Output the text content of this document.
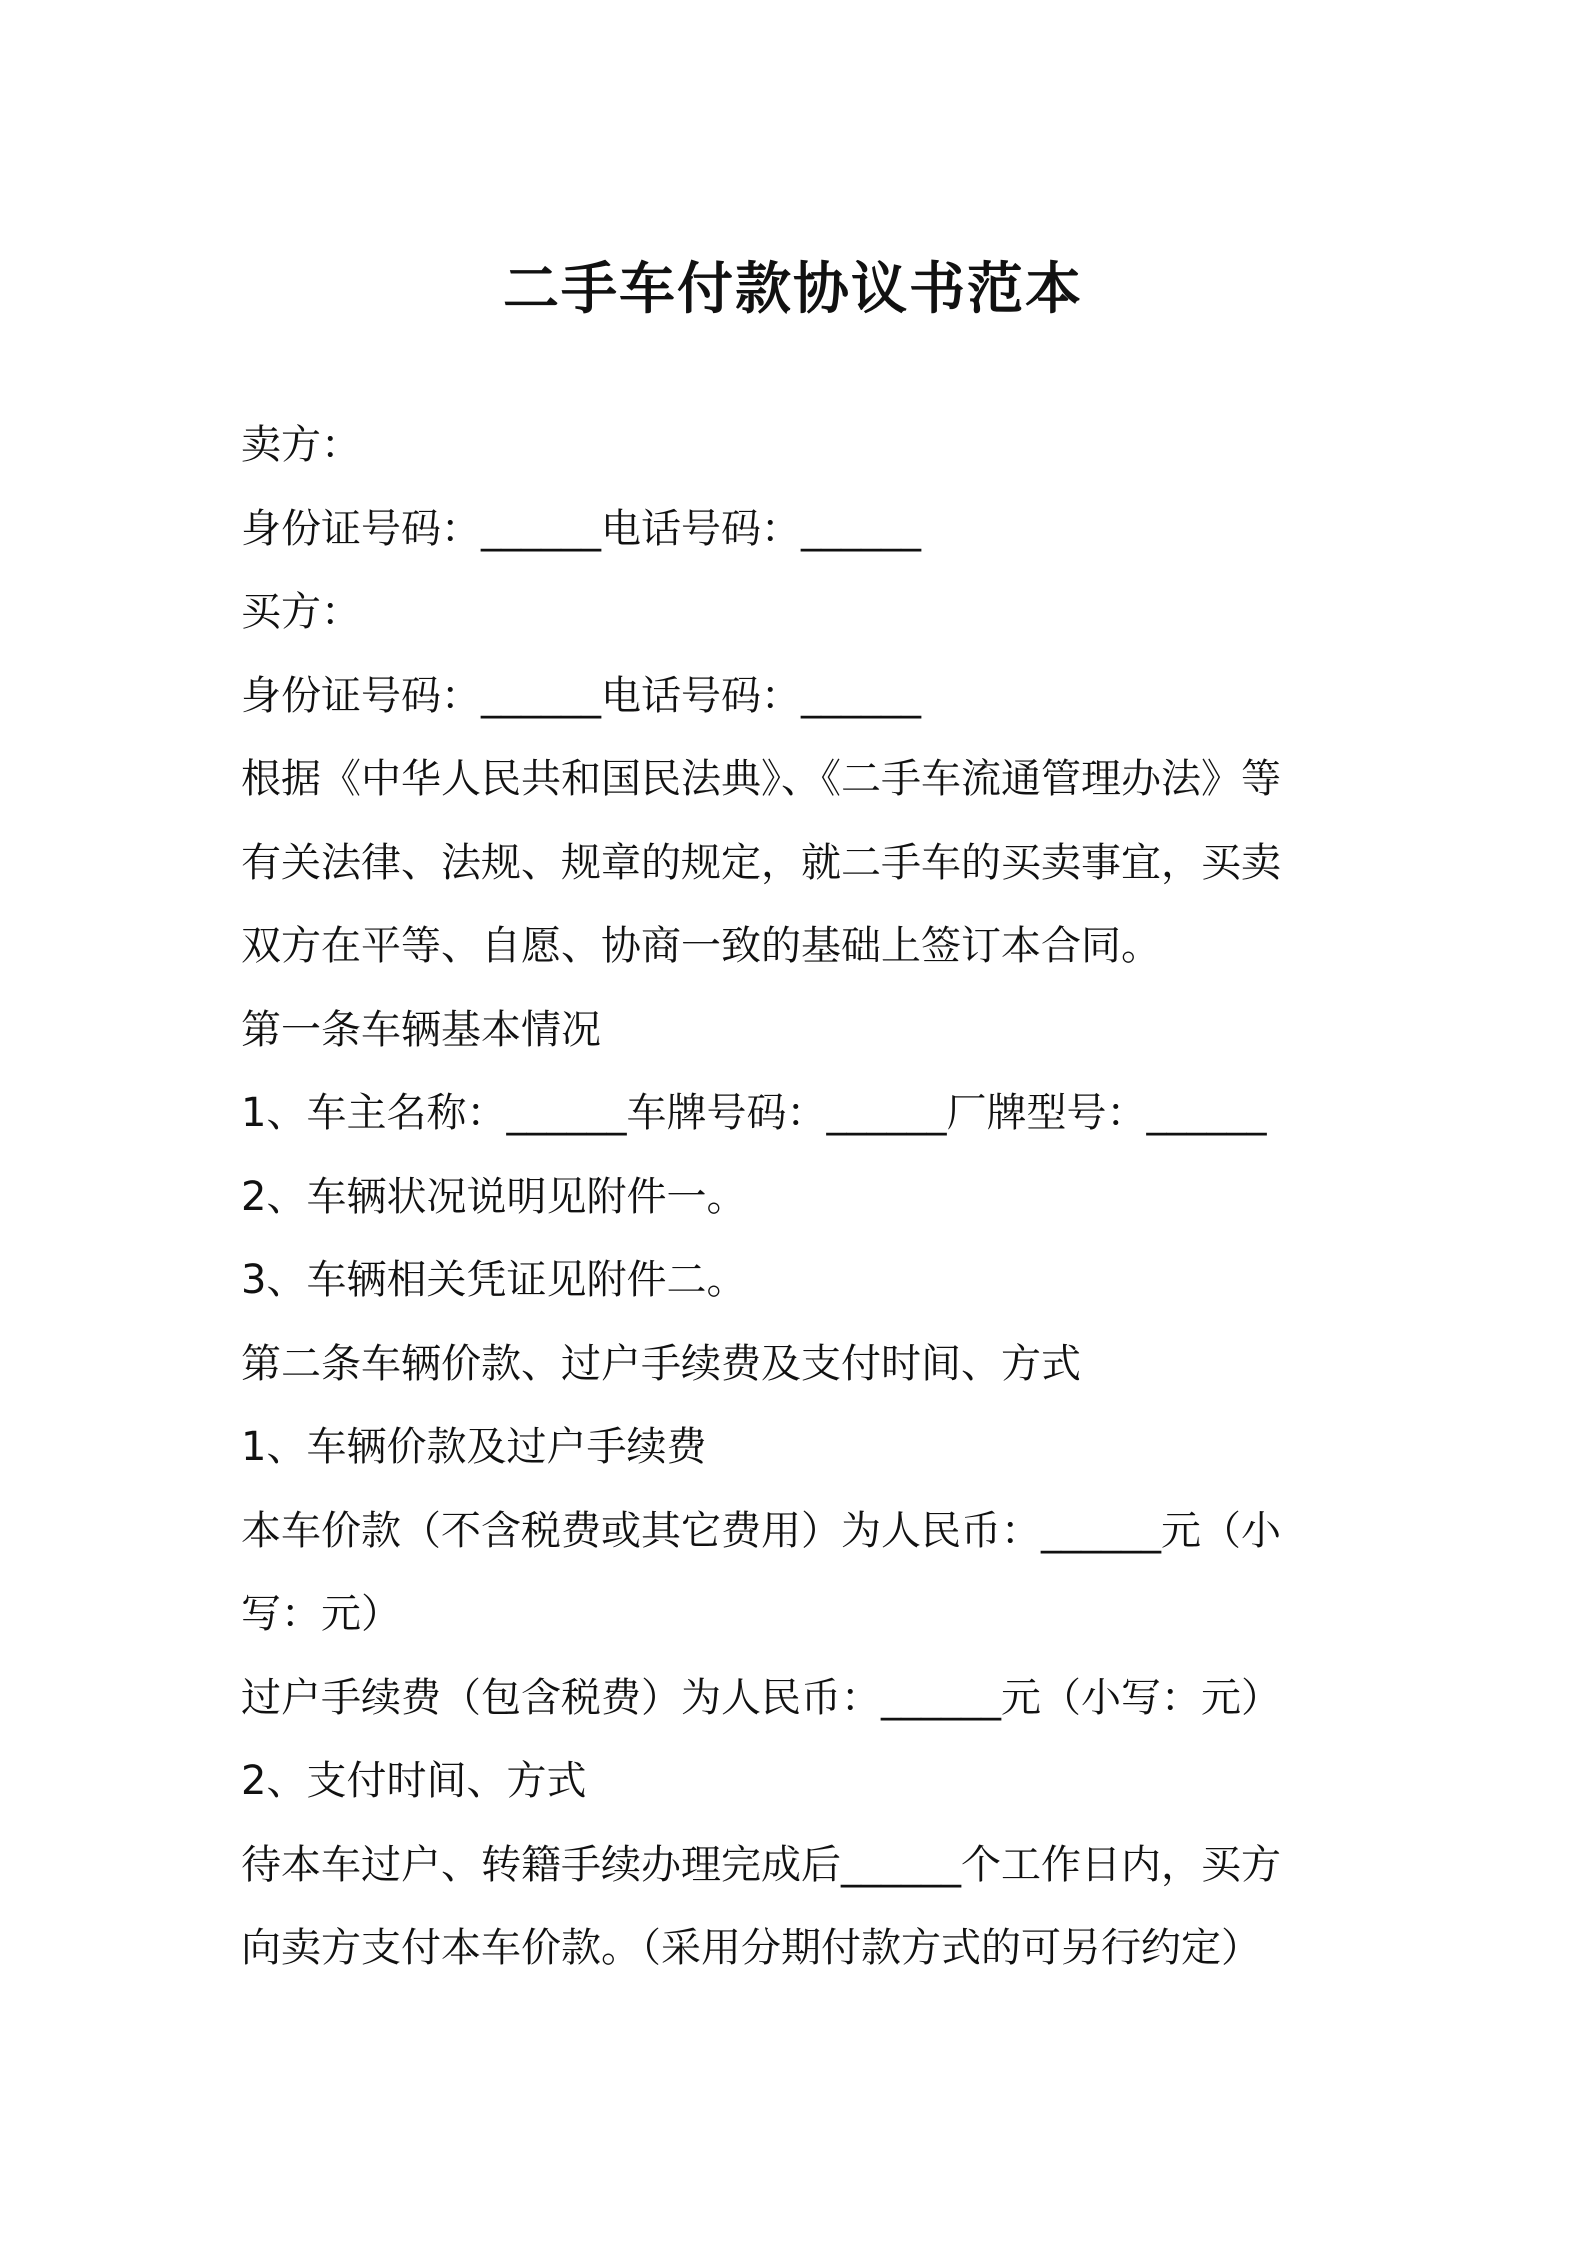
二手车付款协议书范本
卖方：
身份证号码：______电话号码：______
买方：
身份证号码：______电话号码：______
根据《中华人民共和国民法典》、《二手车流通管理办法》等
有关法律、法规、规章的规定，就二手车的买卖事宜，买卖
双方在平等、自愿、协商一致的基础上签订本合同。
第一条车辆基本情况
1、车主名称：______车牌号码：______厂牌型号：______
2、车辆状况说明见附件一。
3、车辆相关凭证见附件二。
第二条车辆价款、过户手续费及支付时间、方式
1、车辆价款及过户手续费
本车价款（不含税费或其它费用）为人民币：______元（小
写：元）
过户手续费（包含税费）为人民币：______元（小写：元）
2、支付时间、方式
待本车过户、转籍手续办理完成后______个工作日内，买方
向卖方支付本车价款。（采用分期付款方式的可另行约定）
